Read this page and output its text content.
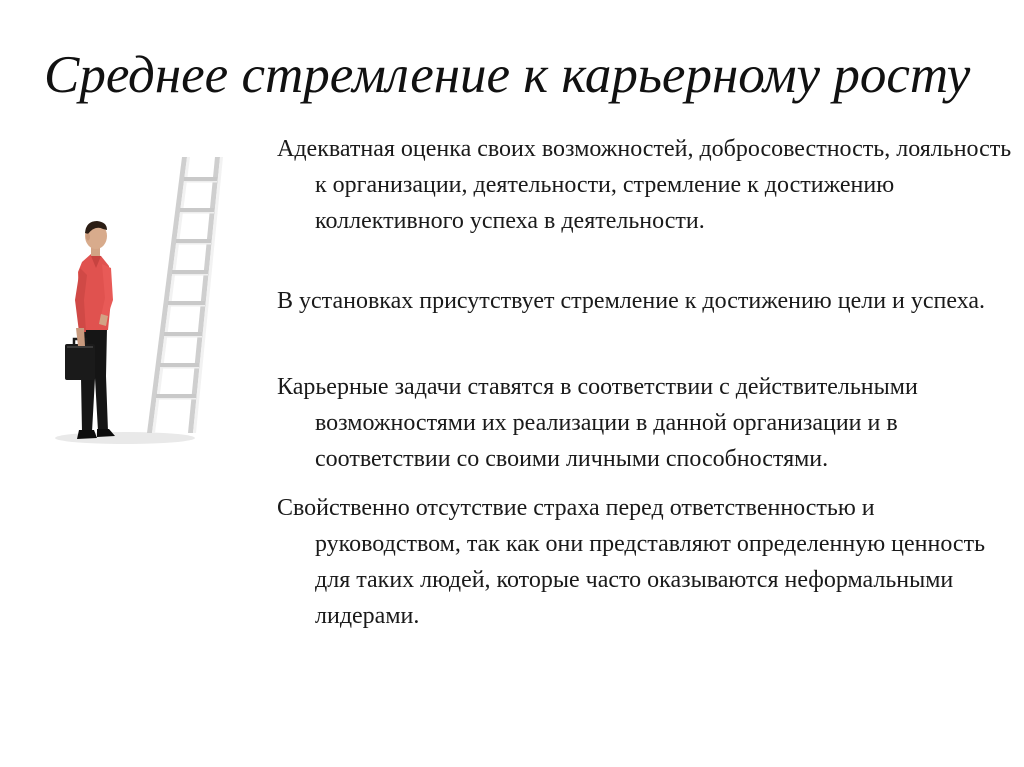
Среднее стремление к карьерному росту

Адекватная оценка своих возможностей, добросовестность, лояльность к организации, деятельности, стремление к достижению коллективного успеха в деятельности.

В установках присутствует стремление к достижению цели и успеха.

Карьерные задачи ставятся в соответствии с действительными возможностями их реализации в данной организации и в соответствии со своими личными способностями.

Свойственно отсутствие страха перед ответственностью и руководством, так как они представляют определенную ценность для таких людей, которые часто оказываются неформальными лидерами.
